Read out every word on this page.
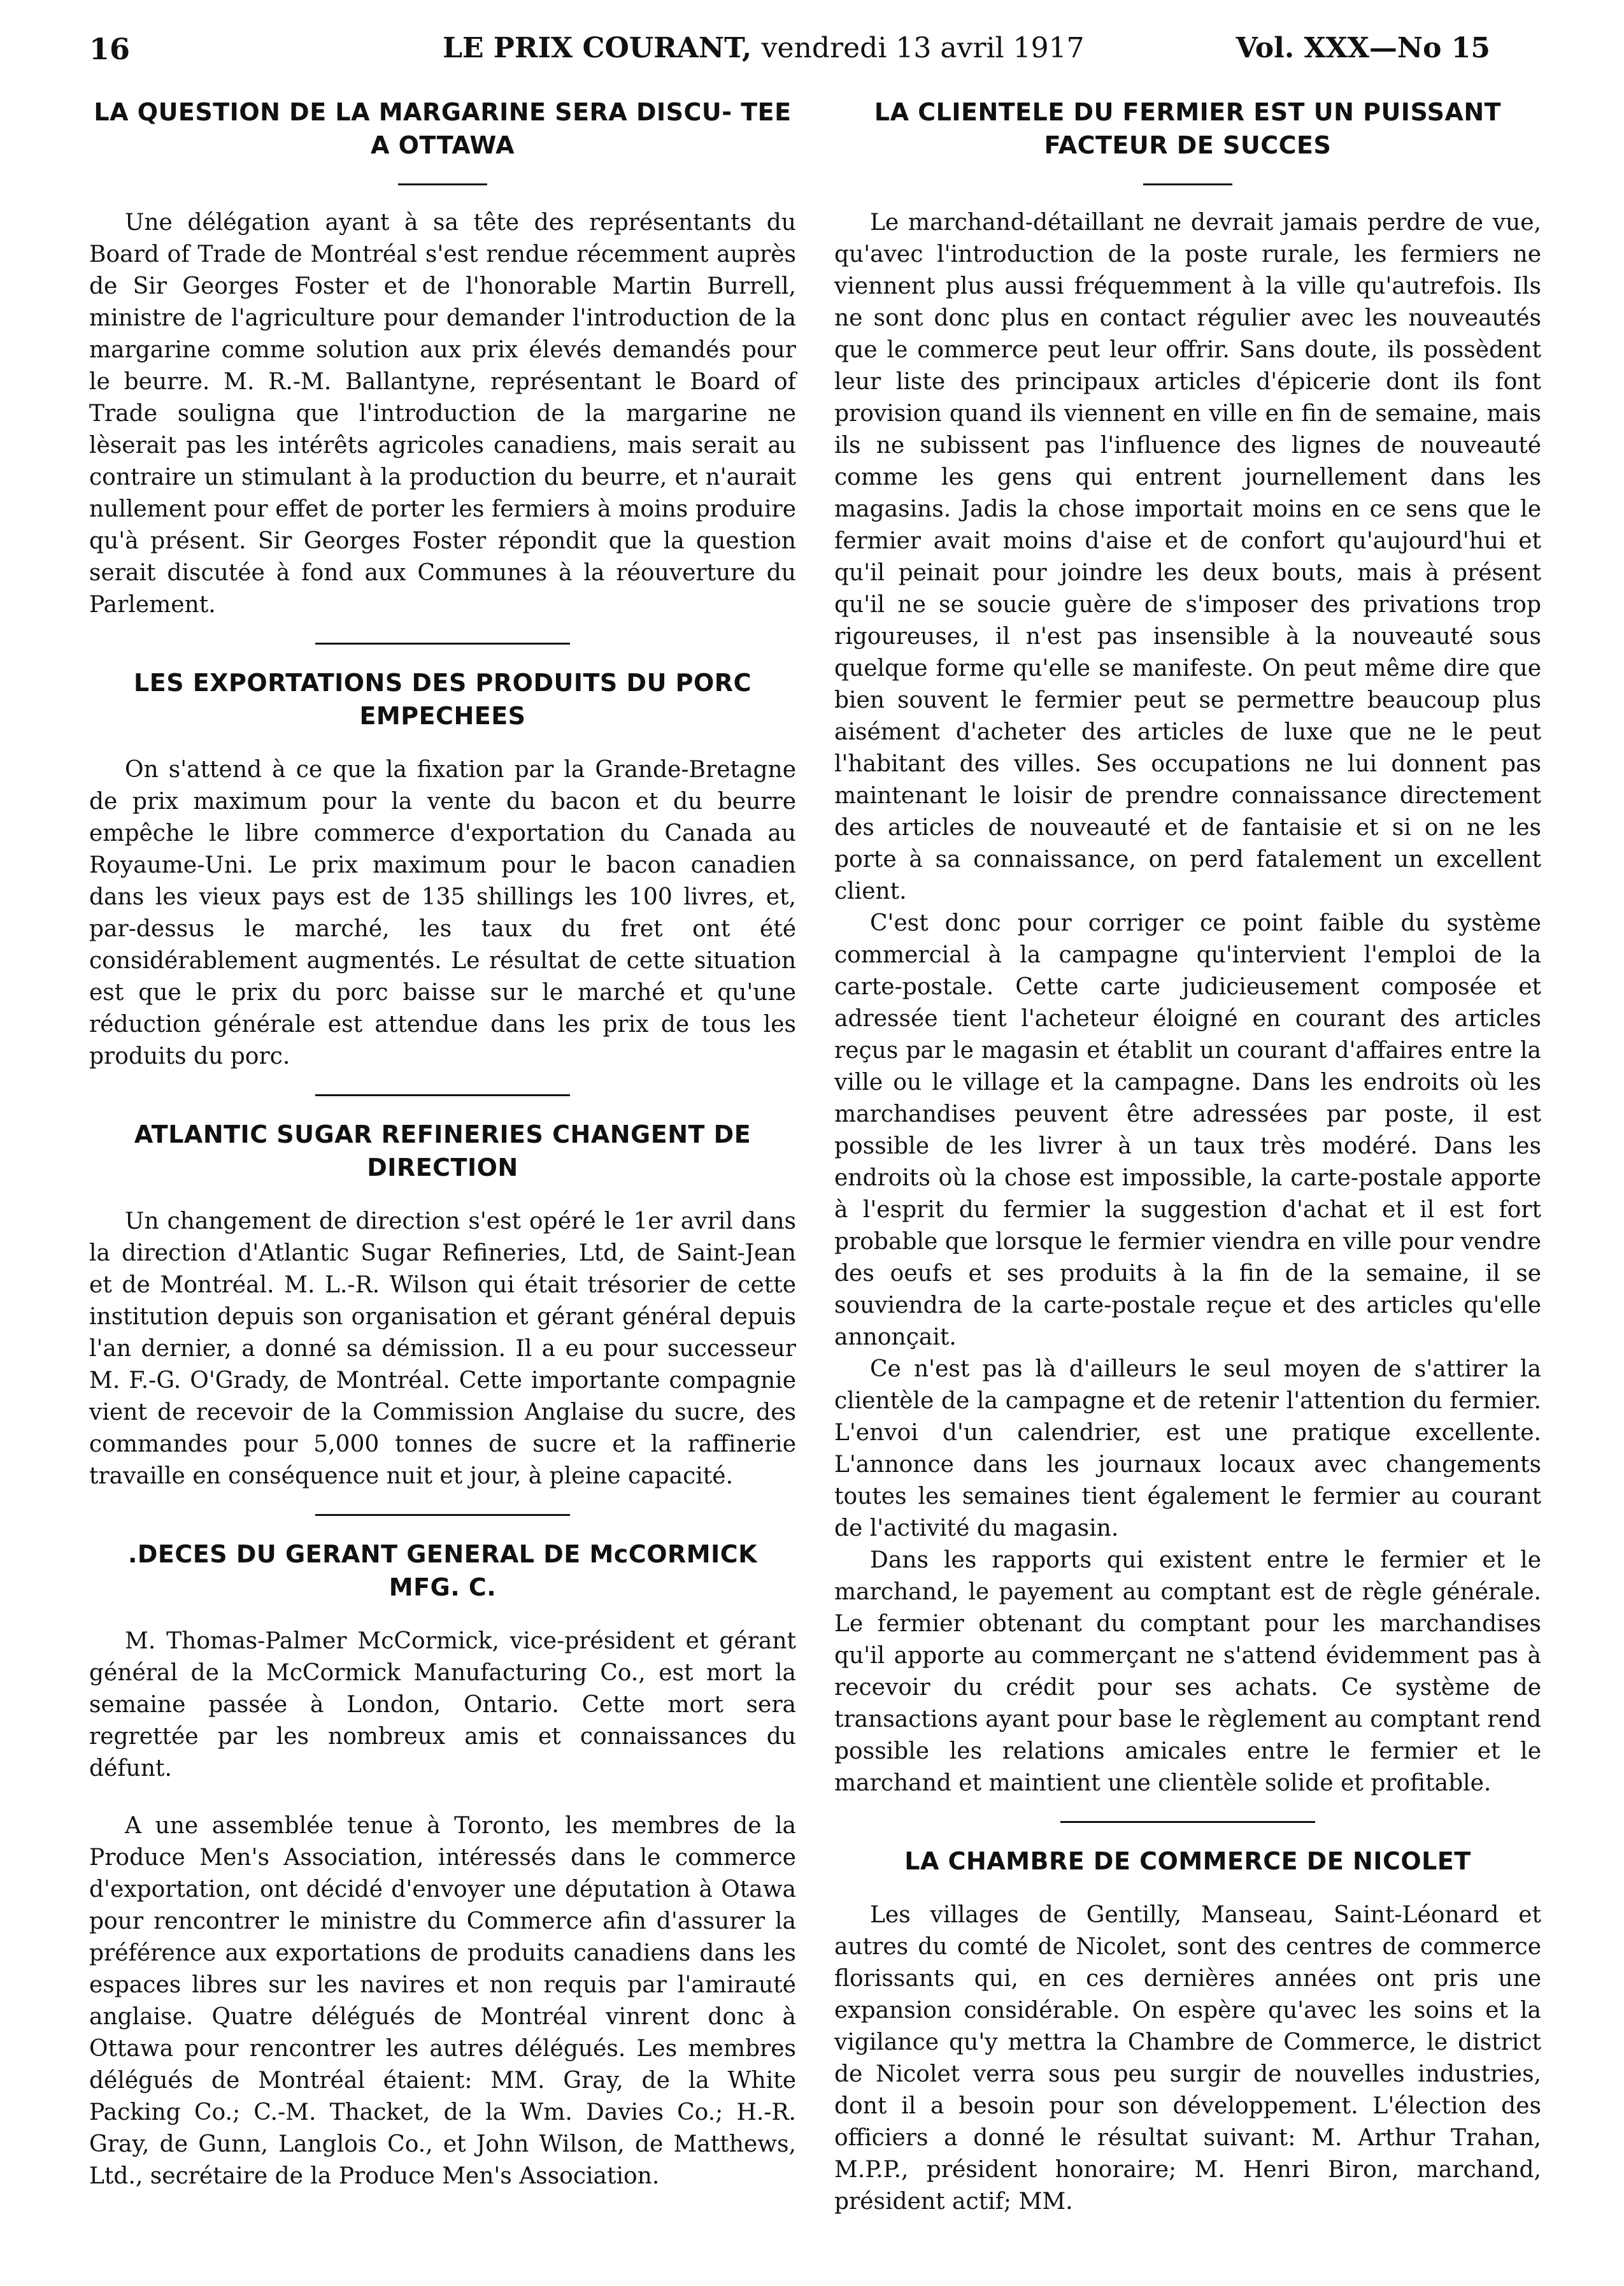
16	LE PRIX COURANT, vendredi 13 avril 1917	Vol. XXX—No 15
LA QUESTION DE LA MARGARINE SERA DISCU- TEE A OTTAWA

Une délégation ayant à sa tête des représentants du Board of Trade de Montréal s'est rendue récemment auprès de Sir Georges Foster et de l'honorable Martin Burrell, ministre de l'agriculture pour demander l'introduction de la margarine comme solution aux prix élevés demandés pour le beurre. M. R.-M. Ballantyne, représentant le Board of Trade souligna que l'introduction de la margarine ne lèserait pas les intérêts agricoles canadiens, mais serait au contraire un stimulant à la production du beurre, et n'aurait nullement pour effet de porter les fermiers à moins produire qu'à présent. Sir Georges Foster répondit que la question serait discutée à fond aux Communes à la réouverture du Parlement.

LES EXPORTATIONS DES PRODUITS DU PORC EMPECHEES

On s'attend à ce que la fixation par la Grande-Bretagne de prix maximum pour la vente du bacon et du beurre empêche le libre commerce d'exportation du Canada au Royaume-Uni. Le prix maximum pour le bacon canadien dans les vieux pays est de 135 shillings les 100 livres, et, par-dessus le marché, les taux du fret ont été considérablement augmentés. Le résultat de cette situation est que le prix du porc baisse sur le marché et qu'une réduction générale est attendue dans les prix de tous les produits du porc.

ATLANTIC SUGAR REFINERIES CHANGENT DE DIRECTION

Un changement de direction s'est opéré le 1er avril dans la direction d'Atlantic Sugar Refineries, Ltd, de Saint-Jean et de Montréal. M. L.-R. Wilson qui était trésorier de cette institution depuis son organisation et gérant général depuis l'an dernier, a donné sa démission. Il a eu pour successeur M. F.-G. O'Grady, de Montréal. Cette importante compagnie vient de recevoir de la Commission Anglaise du sucre, des commandes pour 5,000 tonnes de sucre et la raffinerie travaille en conséquence nuit et jour, à pleine capacité.

.DECES DU GERANT GENERAL DE McCORMICK MFG. C.

M. Thomas-Palmer McCormick, vice-président et gérant général de la McCormick Manufacturing Co., est mort la semaine passée à London, Ontario. Cette mort sera regrettée par les nombreux amis et connaissances du défunt.

A une assemblée tenue à Toronto, les membres de la Produce Men's Association, intéressés dans le commerce d'exportation, ont décidé d'envoyer une députation à Otawa pour rencontrer le ministre du Commerce afin d'assurer la préférence aux exportations de produits canadiens dans les espaces libres sur les navires et non requis par l'amirauté anglaise. Quatre délégués de Montréal vinrent donc à Ottawa pour rencontrer les autres délégués. Les membres délégués de Montréal étaient: MM. Gray, de la White Packing Co.; C.-M. Thacket, de la Wm. Davies Co.; H.-R. Gray, de Gunn, Langlois Co., et John Wilson, de Matthews, Ltd., secrétaire de la Produce Men's Association.

LA CLIENTELE DU FERMIER EST UN PUISSANT FACTEUR DE SUCCES

Le marchand-détaillant ne devrait jamais perdre de vue, qu'avec l'introduction de la poste rurale, les fermiers ne viennent plus aussi fréquemment à la ville qu'autrefois. Ils ne sont donc plus en contact régulier avec les nouveautés que le commerce peut leur offrir. Sans doute, ils possèdent leur liste des principaux articles d'épicerie dont ils font provision quand ils viennent en ville en fin de semaine, mais ils ne subissent pas l'influence des lignes de nouveauté comme les gens qui entrent journellement dans les magasins. Jadis la chose importait moins en ce sens que le fermier avait moins d'aise et de confort qu'aujourd'hui et qu'il peinait pour joindre les deux bouts, mais à présent qu'il ne se soucie guère de s'imposer des privations trop rigoureuses, il n'est pas insensible à la nouveauté sous quelque forme qu'elle se manifeste. On peut même dire que bien souvent le fermier peut se permettre beaucoup plus aisément d'acheter des articles de luxe que ne le peut l'habitant des villes. Ses occupations ne lui donnent pas maintenant le loisir de prendre connaissance directement des articles de nouveauté et de fantaisie et si on ne les porte à sa connaissance, on perd fatalement un excellent client.

C'est donc pour corriger ce point faible du système commercial à la campagne qu'intervient l'emploi de la carte-postale. Cette carte judicieusement composée et adressée tient l'acheteur éloigné en courant des articles reçus par le magasin et établit un courant d'affaires entre la ville ou le village et la campagne. Dans les endroits où les marchandises peuvent être adressées par poste, il est possible de les livrer à un taux très modéré. Dans les endroits où la chose est impossible, la carte-postale apporte à l'esprit du fermier la suggestion d'achat et il est fort probable que lorsque le fermier viendra en ville pour vendre des oeufs et ses produits à la fin de la semaine, il se souviendra de la carte-postale reçue et des articles qu'elle annonçait.

Ce n'est pas là d'ailleurs le seul moyen de s'attirer la clientèle de la campagne et de retenir l'attention du fermier. L'envoi d'un calendrier, est une pratique excellente. L'annonce dans les journaux locaux avec changements toutes les semaines tient également le fermier au courant de l'activité du magasin.

Dans les rapports qui existent entre le fermier et le marchand, le payement au comptant est de règle générale. Le fermier obtenant du comptant pour les marchandises qu'il apporte au commerçant ne s'attend évidemment pas à recevoir du crédit pour ses achats. Ce système de transactions ayant pour base le règlement au comptant rend possible les relations amicales entre le fermier et le marchand et maintient une clientèle solide et profitable.

LA CHAMBRE DE COMMERCE DE NICOLET

Les villages de Gentilly, Manseau, Saint-Léonard et autres du comté de Nicolet, sont des centres de commerce florissants qui, en ces dernières années ont pris une expansion considérable. On espère qu'avec les soins et la vigilance qu'y mettra la Chambre de Commerce, le district de Nicolet verra sous peu surgir de nouvelles industries, dont il a besoin pour son développement. L'élection des officiers a donné le résultat suivant: M. Arthur Trahan, M.P.P., président honoraire; M. Henri Biron, marchand, président actif; MM.
